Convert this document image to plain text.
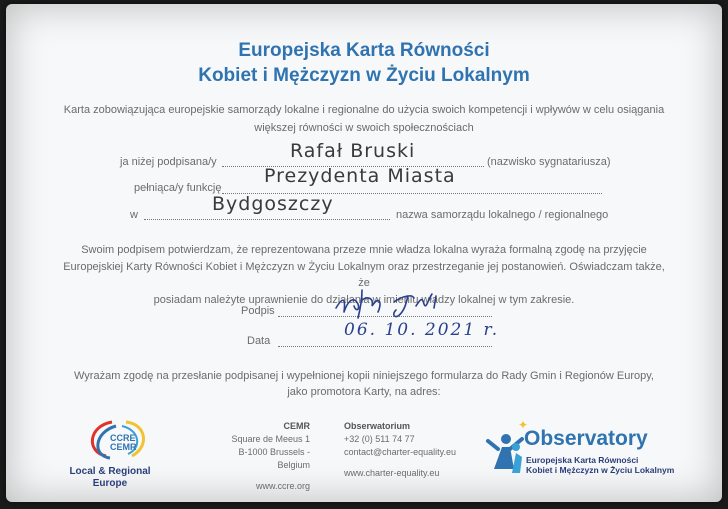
Europejska Karta Równości
Kobiet i Mężczyzn w Życiu Lokalnym
Karta zobowiązująca europejskie samorządy lokalne i regionalne do użycia swoich kompetencji i wpływów w celu osiągania
większej równości w swoich społecznościach
ja niżej podpisana/y	Rafał Bruski	(nazwisko sygnatariusza)
pełniąca/y funkcję
Prezydenta Miasta
w	Bydgoszczy	nazwa samorządu lokalnego / regionalnego
Swoim podpisem potwierdzam, że reprezentowana przeze mnie władza lokalna wyraża formalną zgodę na przyjęcie
Europejskiej Karty Równości Kobiet i Mężczyzn w Życiu Lokalnym oraz przestrzeganie jej postanowień. Oświadczam także, że
posiadam należyte uprawnienie do działania w imieniu władzy lokalnej w tym zakresie.
Podpis
Data
06. 10. 2021 r.
Wyrażam zgodę na przesłanie podpisanej i wypełnionej kopii niniejszego formularza do Rady Gmin i Regionów Europy,
jako promotora Karty, na adres:
CCRE
CEMR
Local & Regional
Europe
CEMR
Square de Meeus 1
B-1000 Brussels - Belgium
www.ccre.org
Obserwatorium
+32 (0) 511 74 77
contact@charter-equality.eu
www.charter-equality.eu
✦
Observatory
Europejska Karta Równości
Kobiet i Mężczyzn w Życiu Lokalnym
